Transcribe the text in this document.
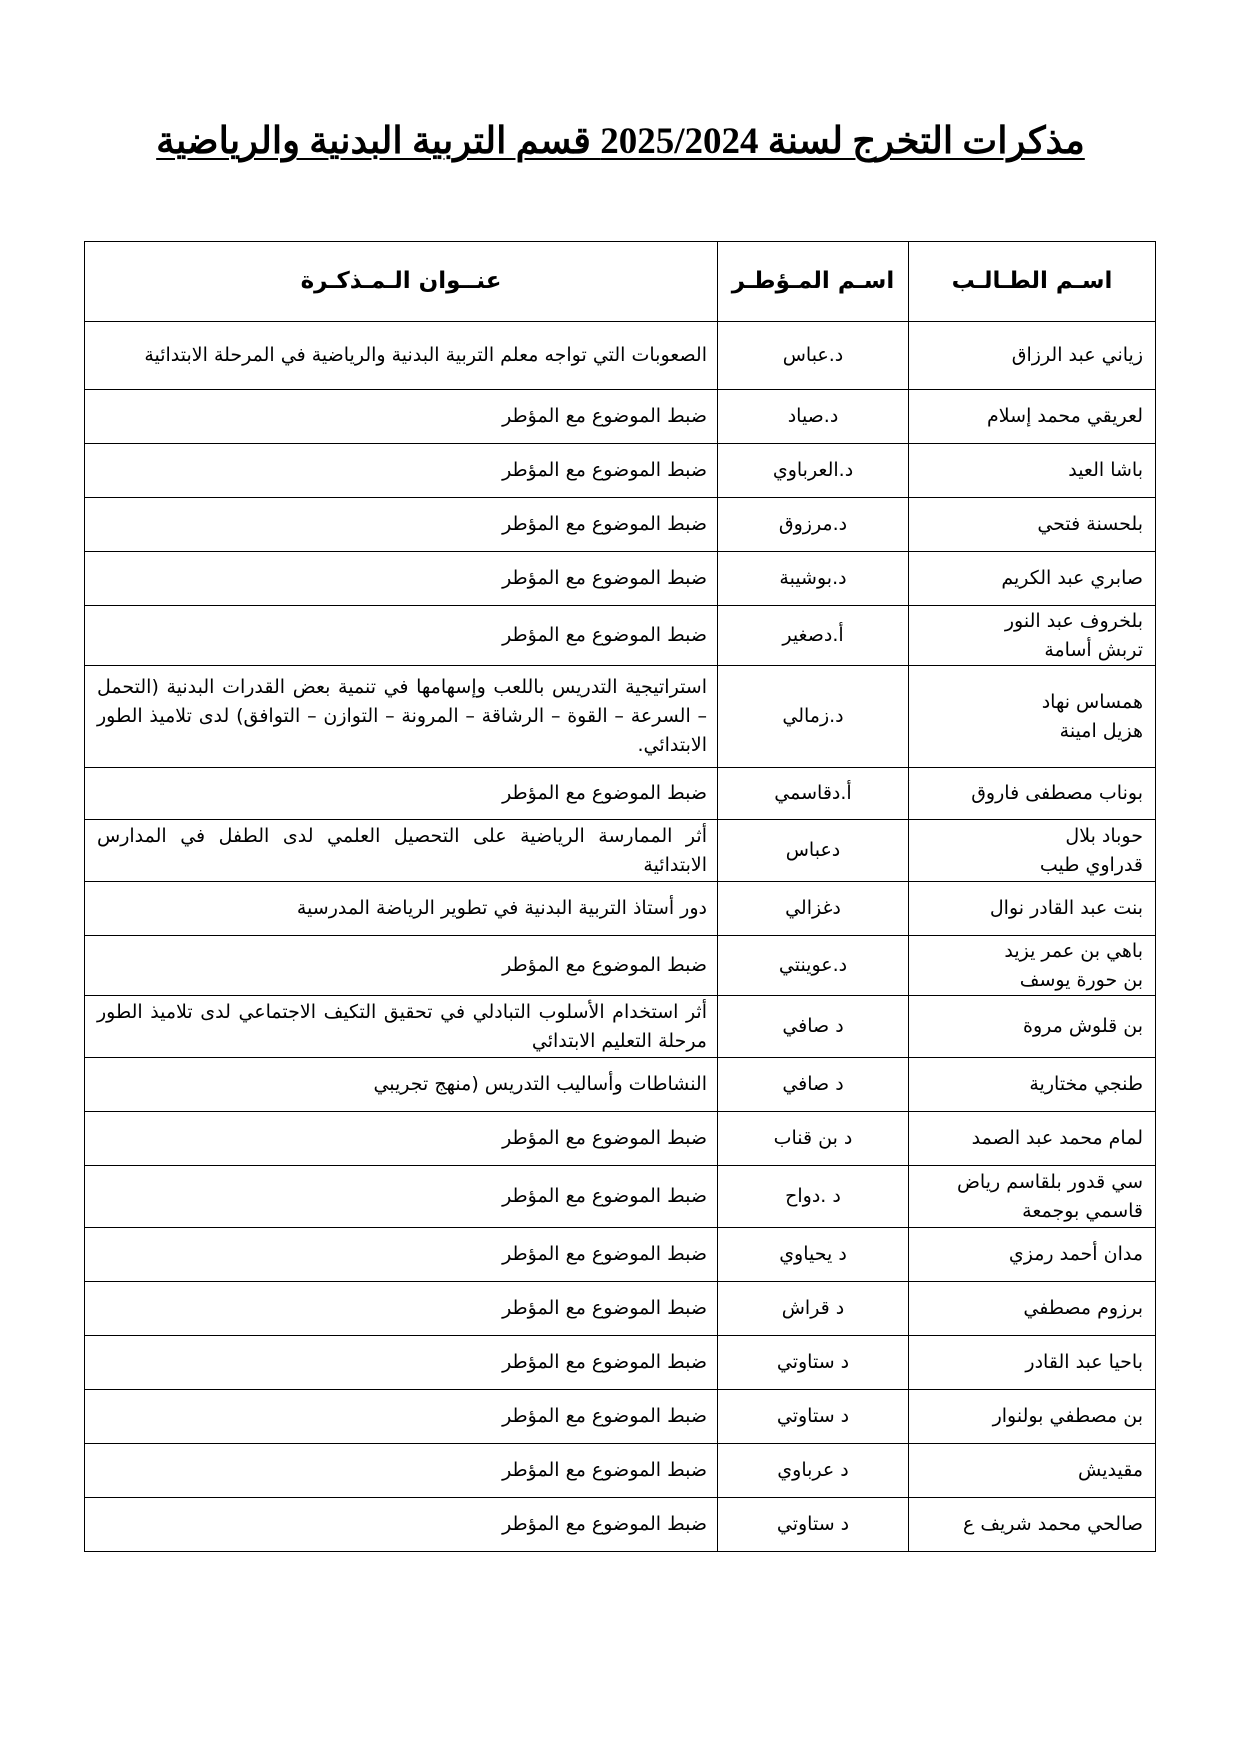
مذكرات التخرج لسنة 2025/2024 قسم التربية البدنية والرياضية
اسـم الطـالـب	اسـم المـؤطـر	عنــوان الـمـذكـرة

زياني عبد الرزاق	د.عباس	الصعوبات التي تواجه معلم التربية البدنية والرياضية في المرحلة الابتدائية

لعريقي محمد إسلام	د.صياد	ضبط الموضوع مع المؤطر

باشا العيد	د.العرباوي	ضبط الموضوع مع المؤطر

بلحسنة فتحي	د.مرزوق	ضبط الموضوع مع المؤطر

صابري عبد الكريم	د.بوشيبة	ضبط الموضوع مع المؤطر

بلخروف عبد النور
تربش أسامة	أ.دصغير	ضبط الموضوع مع المؤطر

همساس نهاد
هزيل امينة	د.زمالي	استراتيجية التدريس باللعب وإسهامها في تنمية بعض القدرات البدنية (التحمل – السرعة – القوة – الرشاقة – المرونة – التوازن – التوافق) لدى تلاميذ الطور الابتدائي.

بوناب مصطفى فاروق	أ.دقاسمي	ضبط الموضوع مع المؤطر

حوباد بلال
قدراوي طيب	دعباس	أثر الممارسة الرياضية على التحصيل العلمي لدى الطفل في المدارس الابتدائية

بنت عبد القادر نوال	دغزالي	دور أستاذ التربية البدنية في تطوير الرياضة المدرسية

باهي بن عمر يزيد
بن حورة يوسف	د.عوينتي	ضبط الموضوع مع المؤطر

بن قلوش مروة	د صافي	أثر استخدام الأسلوب التبادلي في تحقيق التكيف الاجتماعي لدى تلاميذ الطور مرحلة التعليم الابتدائي

طنجي مختارية	د صافي	النشاطات وأساليب التدريس (منهج تجريبي

لمام محمد عبد الصمد	د بن قناب	ضبط الموضوع مع المؤطر

سي قدور بلقاسم رياض
قاسمي بوجمعة	د .دواح	ضبط الموضوع مع المؤطر

مدان أحمد رمزي	د يحياوي	ضبط الموضوع مع المؤطر

برزوم مصطفي	د قراش	ضبط الموضوع مع المؤطر

باحيا عبد القادر	د ستاوتي	ضبط الموضوع مع المؤطر

بن مصطفي بولنوار	د ستاوتي	ضبط الموضوع مع المؤطر

مقيديش	د عرباوي	ضبط الموضوع مع المؤطر

صالحي محمد شريف ع	د ستاوتي	ضبط الموضوع مع المؤطر
